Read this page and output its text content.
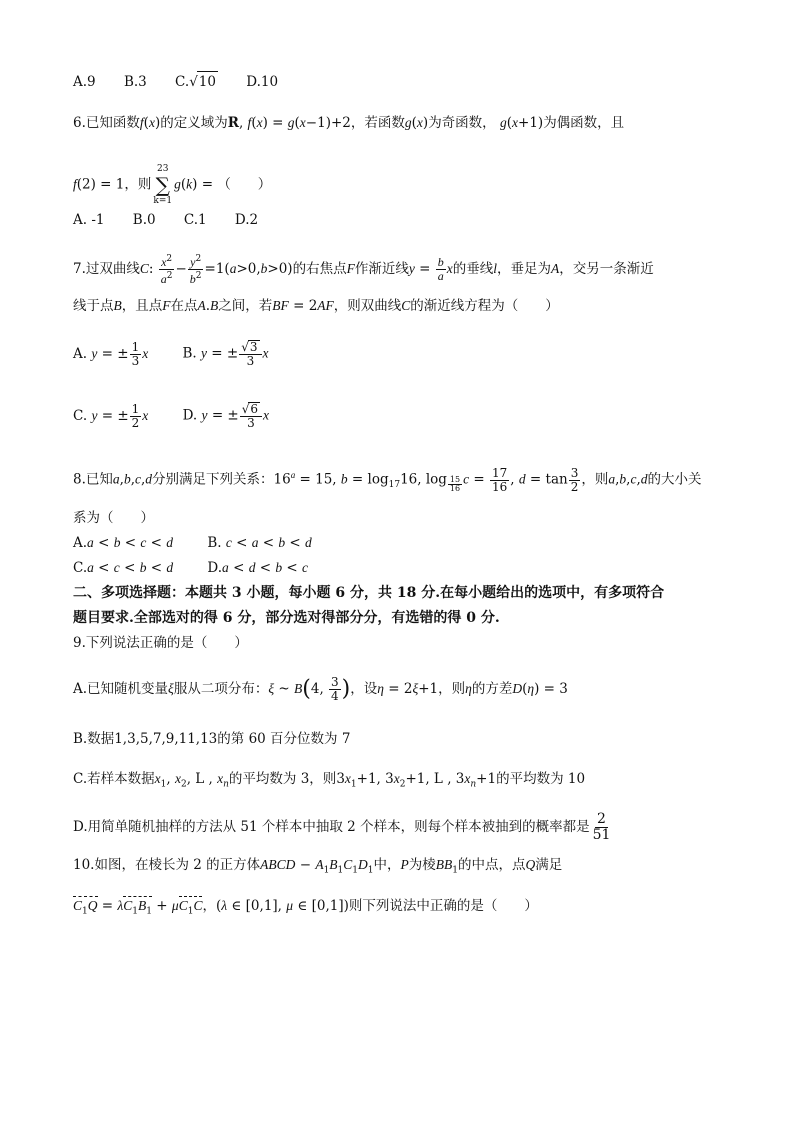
A.9 B.3 C.√10 D.10
6.已知函数f(x)的定义域为R, f(x) = g(x−1)+2，若函数g(x)为奇函数， g(x+1)为偶函数，且
f(2) = 1，则
23
∑
k=1
g(k) = （　　）
A. -1 B.0 C.1 D.2
7.过双曲线C: $\frac{x^2}{a^2} - \frac{y^2}{b^2} =1(a>0,b>0)$的右焦点F作渐近线$y = \frac{b}{a}$ x的垂线l，垂足为A，交另一条渐近
线于点B，且点F在点A.B之间，若BF = 2AF，则双曲线C的渐近线方程为（　　）
A. y = ± $\frac{1}{3}$ x	B. y = ± $\frac{√3}{3}$ x
C. y = ± $\frac{1}{2}$ x	D. y = ± $\frac{√6}{3}$ x
8.已知a,b,c,d分别满足下列关系：$16^a = 15$, $b = \log_{17}16$, log $_{\frac{15}{16}}$ $c = \frac{17}{16}$ , $d = \tan \frac{3}{2}$ ，则a,b,c,d的大小关
系为（　　）
A.a < b < c < d	B. c < a < b < d
C.a < c < b < d	D.a < d < b < c
二、多项选择题：本题共 3 小题，每小题 6 分，共 18 分.在每小题给出的选项中，有多项符合
题目要求.全部选对的得 6 分，部分选对得部分分，有选错的得 0 分.
9.下列说法正确的是（　　）
A.已知随机变量ξ服从二项分布：ξ ~ B(4, $\frac{3}{4}$ )，设η = 2ξ+1，则η的方差D(η) = 3
B.数据1,3,5,7,9,11,13的第 60 百分位数为 7
C.若样本数据$x_1$, $x_2$, L , $x_n$的平均数为 3，则$3x_1+1$, $3x_2+1$, L , $3x_n+1$的平均数为 10
D.用简单随机抽样的方法从 51 个样本中抽取 2 个样本，则每个样本被抽到的概率都是 $\frac{2}{51}$
10.如图，在棱长为 2 的正方体ABCD − $A_1B_1C_1D_1$中，P为棱$BB_1$的中点，点Q满足
$C_1Q = \lambda C_1B_1 + \mu C_1C$，(λ ∈ [0,1], μ ∈ [0,1])则下列说法中正确的是（　　）
